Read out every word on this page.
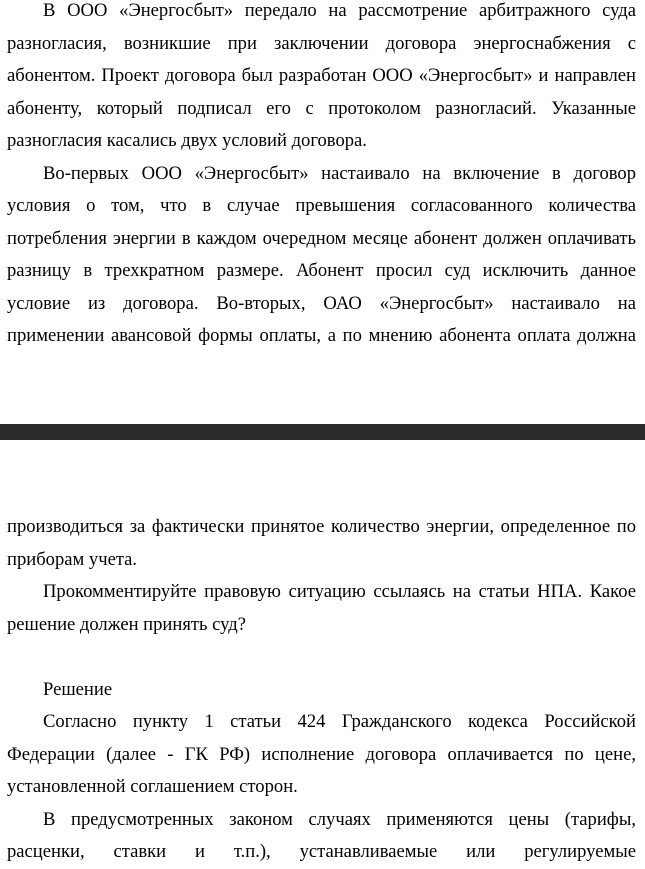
В ООО «Энергосбыт» передало на рассмотрение арбитражного суда
разногласия, возникшие при заключении договора энергоснабжения с
абонентом. Проект договора был разработан ООО «Энергосбыт» и направлен
абоненту, который подписал его с протоколом разногласий. Указанные
разногласия касались двух условий договора.
Во-первых ООО «Энергосбыт» настаивало на включение в договор
условия о том, что в случае превышения согласованного количества
потребления энергии в каждом очередном месяце абонент должен оплачивать
разницу в трехкратном размере. Абонент просил суд исключить данное
условие из договора. Во-вторых, ОАО «Энергосбыт» настаивало на
применении авансовой формы оплаты, а по мнению абонента оплата должна
производиться за фактически принятое количество энергии, определенное по
приборам учета.
Прокомментируйте правовую ситуацию ссылаясь на статьи НПА. Какое
решение должен принять суд?
Решение
Согласно пункту 1 статьи 424 Гражданского кодекса Российской
Федерации (далее - ГК РФ) исполнение договора оплачивается по цене,
установленной соглашением сторон.
В предусмотренных законом случаях применяются цены (тарифы,
расценки, ставки и т.п.), устанавливаемые или регулируемые
